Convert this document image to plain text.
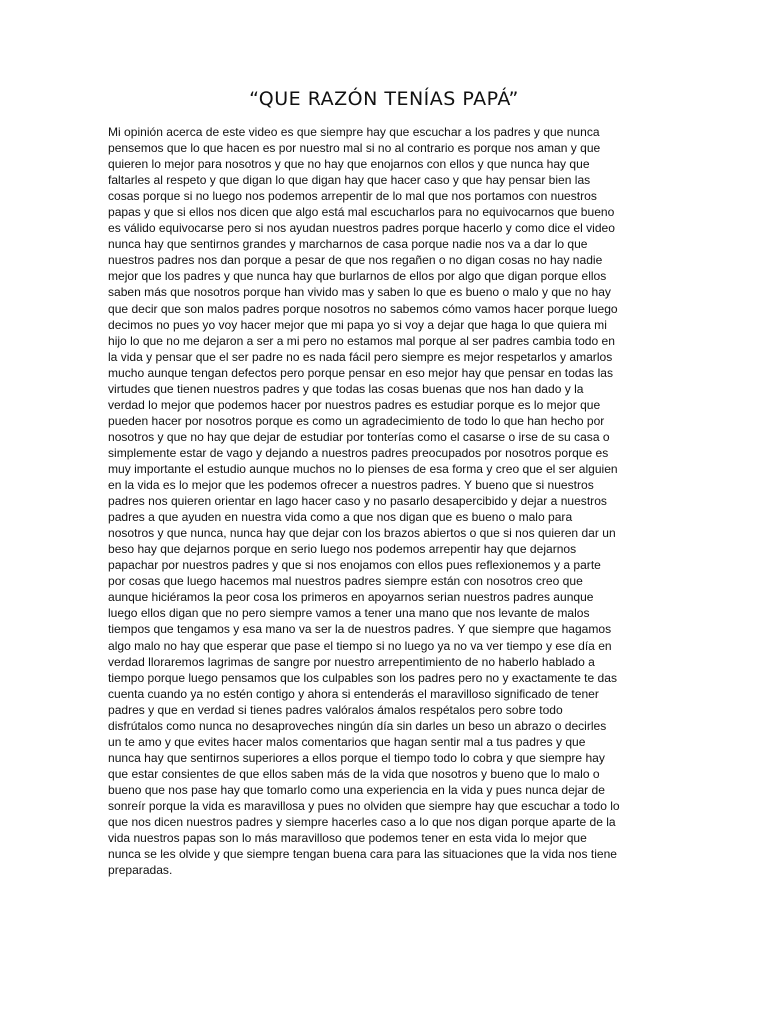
“QUE RAZÓN TENÍAS PAPÁ”
Mi opinión acerca de este video es que siempre hay que escuchar a los padres y que nunca
pensemos que lo que hacen es por nuestro mal si no al contrario es porque nos aman y que
quieren lo mejor para nosotros y que no hay que enojarnos con ellos y que nunca hay que
faltarles al respeto y que digan lo que digan hay que hacer caso y que hay pensar bien las
cosas porque si no luego nos podemos arrepentir de lo mal que nos portamos con nuestros
papas y que si ellos nos dicen que algo está mal escucharlos para no equivocarnos que bueno
es válido equivocarse pero si nos ayudan nuestros padres porque hacerlo y como dice el video
nunca hay que sentirnos grandes y marcharnos de casa porque nadie nos va a dar lo que
nuestros padres nos dan porque a pesar de que nos regañen o no digan cosas no hay nadie
mejor que los padres y que nunca hay que burlarnos de ellos por algo que digan porque ellos
saben más que nosotros porque han vivido mas y saben lo que es bueno o malo y que no hay
que decir que son malos padres porque nosotros no sabemos cómo vamos hacer porque luego
decimos no pues yo voy hacer mejor que mi papa yo si voy a dejar que haga lo que quiera mi
hijo lo que no me dejaron a ser a mi pero no estamos mal porque al ser padres cambia todo en
la vida y pensar que el ser padre no es nada fácil pero siempre es mejor respetarlos y amarlos
mucho aunque tengan defectos pero porque pensar en eso mejor hay que pensar en todas las
virtudes que tienen nuestros padres y que todas las cosas buenas que nos han dado y la
verdad lo mejor que podemos hacer por nuestros padres es estudiar porque es lo mejor que
pueden hacer por nosotros porque es como un agradecimiento de todo lo que han hecho por
nosotros y que no hay que dejar de estudiar por tonterías como el casarse o irse de su casa o
simplemente estar de vago y dejando a nuestros padres preocupados por nosotros porque es
muy importante el estudio aunque muchos no lo pienses de esa forma y creo que el ser alguien
en la vida es lo mejor que les podemos ofrecer a nuestros padres. Y bueno que si nuestros
padres nos quieren orientar en lago hacer caso y no pasarlo desapercibido y dejar a nuestros
padres a que ayuden en nuestra vida como a que nos digan que es bueno o malo para
nosotros y que nunca, nunca hay que dejar con los brazos abiertos o que si nos quieren dar un
beso hay que dejarnos porque en serio luego nos podemos arrepentir hay que dejarnos
papachar por nuestros padres y que si nos enojamos con ellos pues reflexionemos y a parte
por cosas que luego hacemos mal nuestros padres siempre están con nosotros creo que
aunque hiciéramos la peor cosa los primeros en apoyarnos serian nuestros padres aunque
luego ellos digan que no pero siempre vamos a tener una mano que nos levante de malos
tiempos que tengamos y esa mano va ser la de nuestros padres. Y que siempre que hagamos
algo malo no hay que esperar que pase el tiempo si no luego ya no va ver tiempo y ese día en
verdad lloraremos lagrimas de sangre por nuestro arrepentimiento de no haberlo hablado a
tiempo porque luego pensamos que los culpables son los padres pero no y exactamente te das
cuenta cuando ya no estén contigo y ahora si entenderás el maravilloso significado de tener
padres y que en verdad si tienes padres valóralos ámalos respétalos pero sobre todo
disfrútalos como nunca no desaproveches ningún día sin darles un beso un abrazo o decirles
un te amo y que evites hacer malos comentarios que hagan sentir mal a tus padres y que
nunca hay que sentirnos superiores a ellos porque el tiempo todo lo cobra y que siempre hay
que estar consientes de que ellos saben más de la vida que nosotros y bueno que lo malo o
bueno que nos pase hay que tomarlo como una experiencia en la vida y pues nunca dejar de
sonreír porque la vida es maravillosa y pues no olviden que siempre hay que escuchar a todo lo
que nos dicen nuestros padres y siempre hacerles caso a lo que nos digan porque aparte de la
vida nuestros papas son lo más maravilloso que podemos tener en esta vida lo mejor que
nunca se les olvide y que siempre tengan buena cara para las situaciones que la vida nos tiene
preparadas.
